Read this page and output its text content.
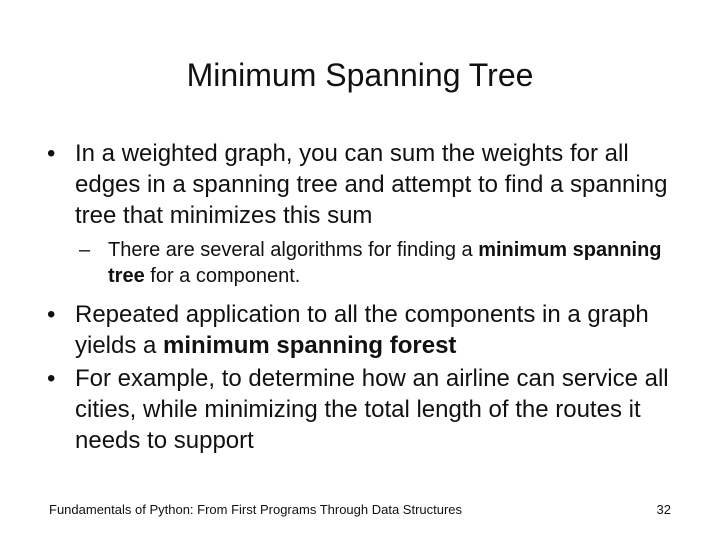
Minimum Spanning Tree
• In a weighted graph, you can sum the weights for all edges in a spanning tree and attempt to find a spanning tree that minimizes this sum
– There are several algorithms for finding a minimum spanning tree for a component.
• Repeated application to all the components in a graph yields a minimum spanning forest
• For example, to determine how an airline can service all cities, while minimizing the total length of the routes it needs to support
Fundamentals of Python: From First Programs Through Data Structures	32
